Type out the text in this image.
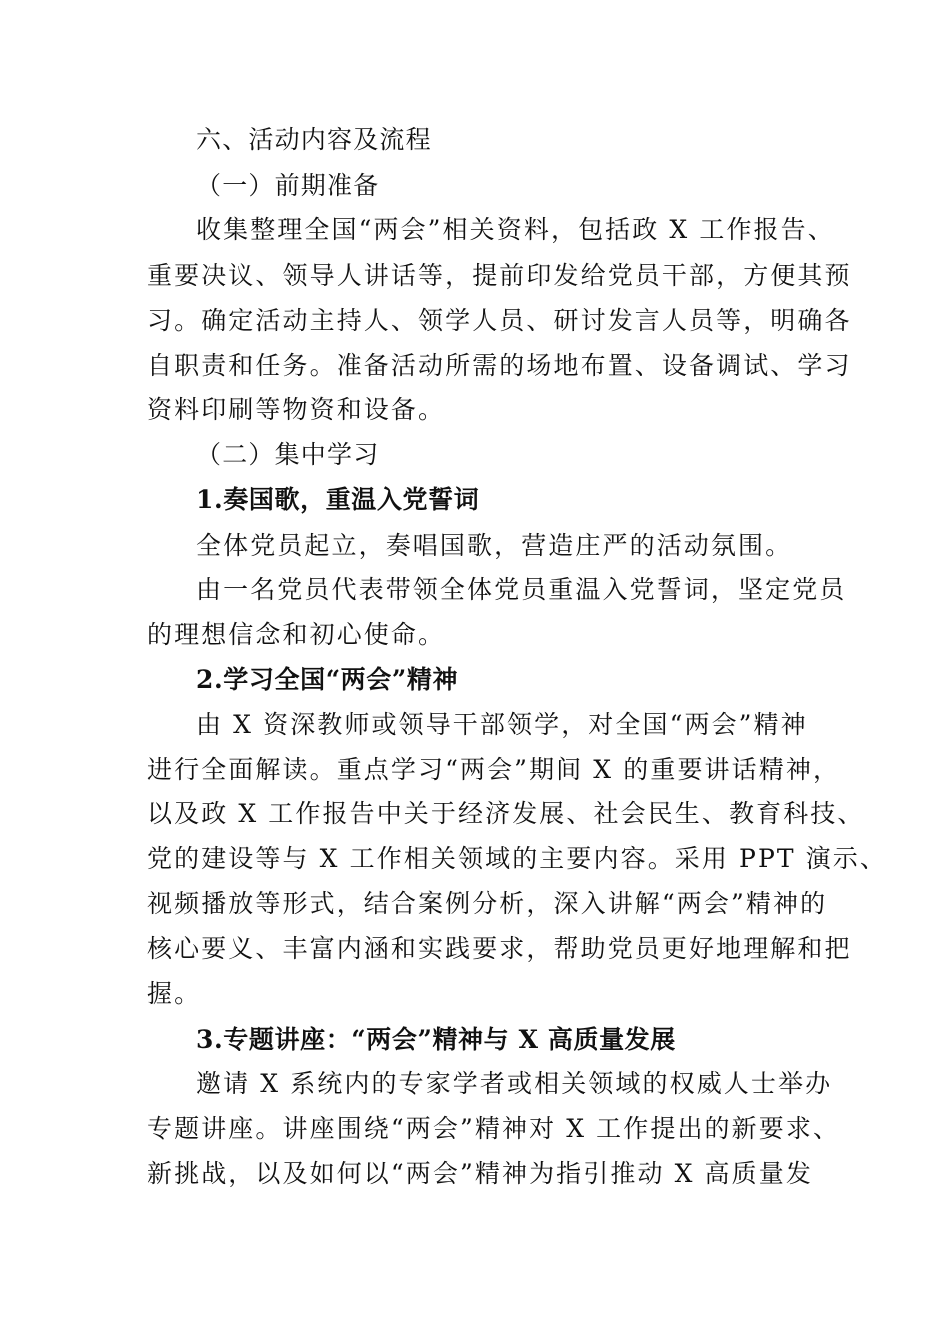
六、活动内容及流程
（一）前期准备
收集整理全国“两会”相关资料，包括政 X 工作报告、
重要决议、领导人讲话等，提前印发给党员干部，方便其预
习。确定活动主持人、领学人员、研讨发言人员等，明确各
自职责和任务。准备活动所需的场地布置、设备调试、学习
资料印刷等物资和设备。
（二）集中学习
1.奏国歌，重温入党誓词
全体党员起立，奏唱国歌，营造庄严的活动氛围。
由一名党员代表带领全体党员重温入党誓词，坚定党员
的理想信念和初心使命。
2.学习全国“两会”精神
由 X 资深教师或领导干部领学，对全国“两会”精神
进行全面解读。重点学习“两会”期间 X 的重要讲话精神，
以及政 X 工作报告中关于经济发展、社会民生、教育科技、
党的建设等与 X 工作相关领域的主要内容。采用 PPT 演示、
视频播放等形式，结合案例分析，深入讲解“两会”精神的
核心要义、丰富内涵和实践要求，帮助党员更好地理解和把
握。
3.专题讲座：“两会”精神与 X 高质量发展
邀请 X 系统内的专家学者或相关领域的权威人士举办
专题讲座。讲座围绕“两会”精神对 X 工作提出的新要求、
新挑战，以及如何以“两会”精神为指引推动 X 高质量发
